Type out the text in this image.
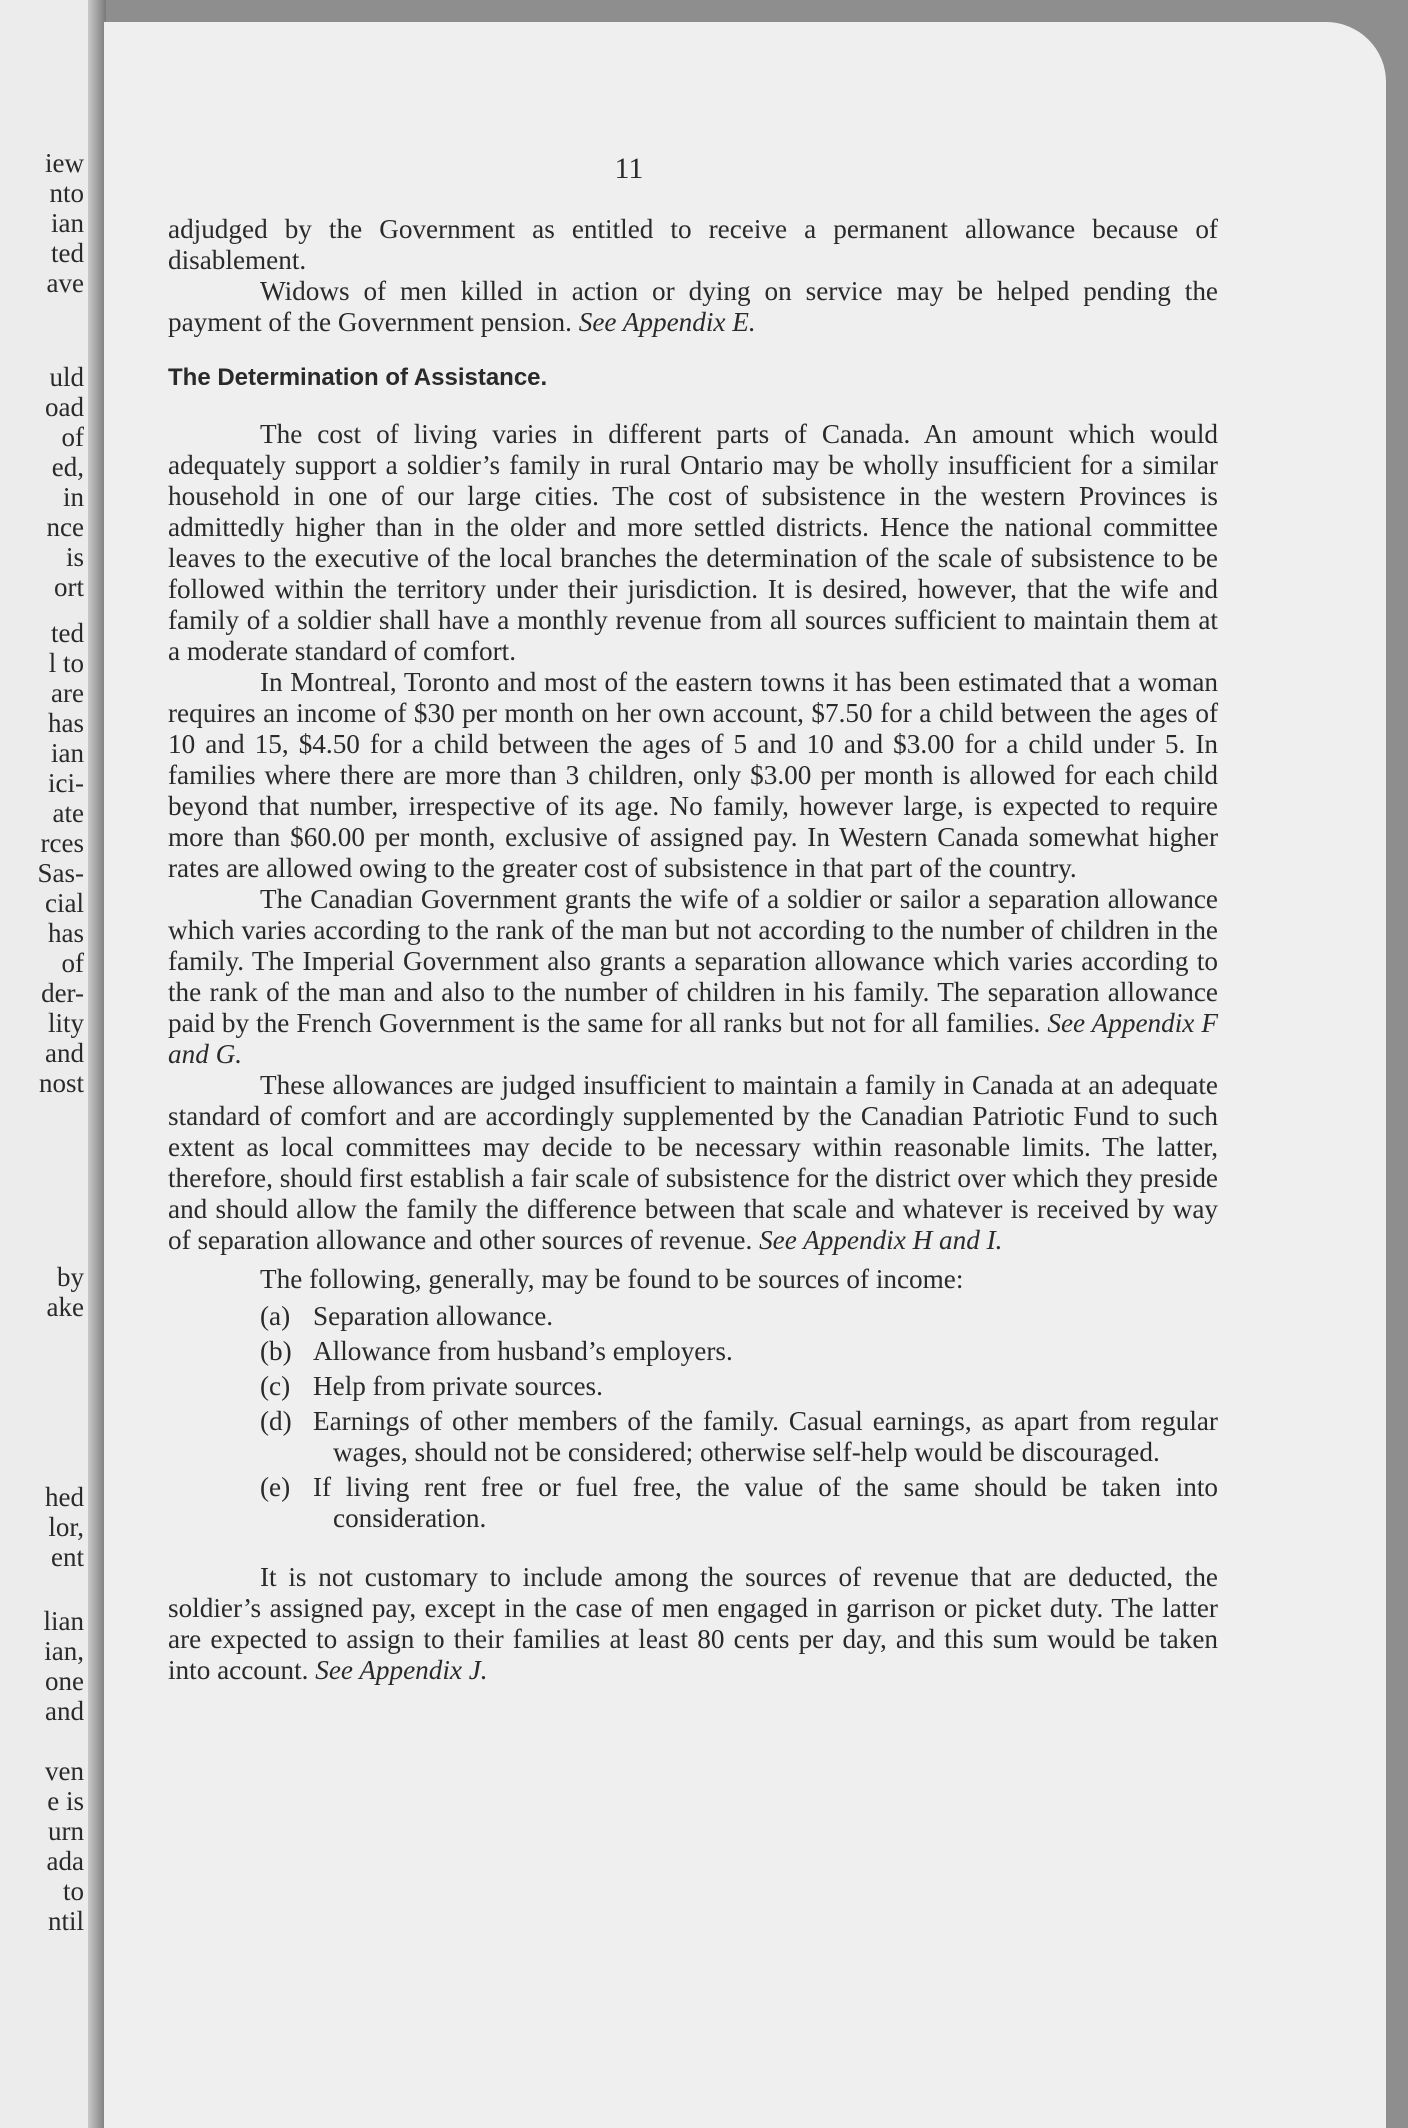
iew
nto
ian
ted
ave
uld
oad
of
ed,
in
nce
is
ort
ted
l to
are
has
ian
ici-
ate
rces
Sas-
cial
has
of
der-
lity
and
nost
by
ake
hed
lor,
ent
lian
ian,
one
and
ven
e is
urn
ada
to
ntil
11

adjudged by the Government as entitled to receive a permanent allowance because of disablement.

Widows of men killed in action or dying on service may be helped pending the payment of the Government pension. See Appendix E.

The Determination of Assistance.

The cost of living varies in different parts of Canada. An amount which would adequately support a soldier’s family in rural Ontario may be wholly insufficient for a similar household in one of our large cities. The cost of subsistence in the western Provinces is admittedly higher than in the older and more settled districts. Hence the national committee leaves to the executive of the local branches the determination of the scale of subsistence to be followed within the territory under their jurisdiction. It is desired, however, that the wife and family of a soldier shall have a monthly revenue from all sources sufficient to maintain them at a moderate standard of comfort.

In Montreal, Toronto and most of the eastern towns it has been estimated that a woman requires an income of $30 per month on her own account, $7.50 for a child between the ages of 10 and 15, $4.50 for a child between the ages of 5 and 10 and $3.00 for a child under 5. In families where there are more than 3 children, only $3.00 per month is allowed for each child beyond that number, irrespective of its age. No family, however large, is expected to require more than $60.00 per month, exclusive of assigned pay. In Western Canada somewhat higher rates are allowed owing to the greater cost of subsistence in that part of the country.

The Canadian Government grants the wife of a soldier or sailor a separation allowance which varies according to the rank of the man but not according to the number of children in the family. The Imperial Government also grants a separation allowance which varies according to the rank of the man and also to the number of children in his family. The separation allowance paid by the French Government is the same for all ranks but not for all families. See Appendix F and G.

These allowances are judged insufficient to maintain a family in Canada at an adequate standard of comfort and are accordingly supplemented by the Canadian Patriotic Fund to such extent as local committees may decide to be necessary within reasonable limits. The latter, therefore, should first establish a fair scale of subsistence for the district over which they preside and should allow the family the difference between that scale and whatever is received by way of separation allowance and other sources of revenue. See Appendix H and I.

The following, generally, may be found to be sources of income:

(a) Separation allowance.
(b) Allowance from husband’s employers.
(c) Help from private sources.
(d) Earnings of other members of the family. Casual earnings, as apart from regular wages, should not be considered; otherwise self-help would be discouraged.
(e) If living rent free or fuel free, the value of the same should be taken into consideration.

It is not customary to include among the sources of revenue that are deducted, the soldier’s assigned pay, except in the case of men engaged in garrison or picket duty. The latter are expected to assign to their families at least 80 cents per day, and this sum would be taken into account. See Appendix J.
